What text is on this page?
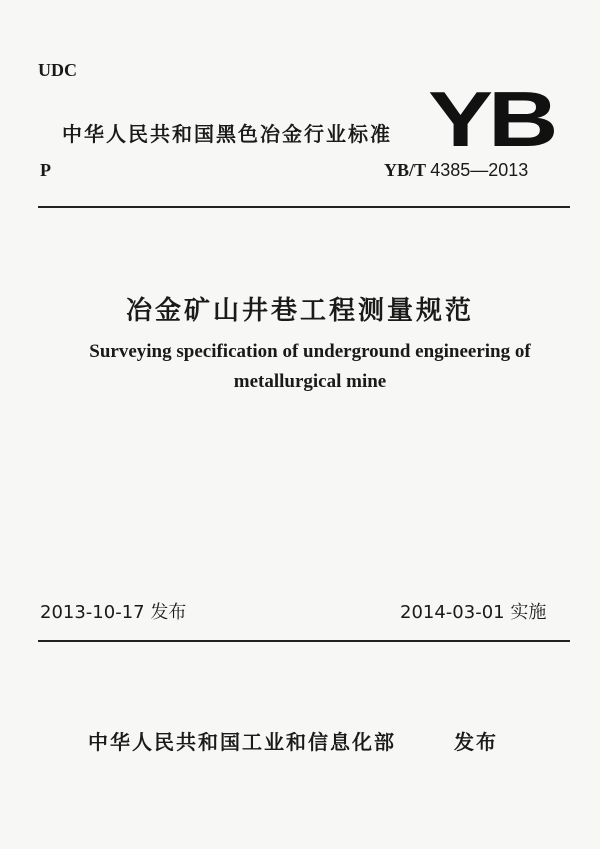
UDC
中华人民共和国黑色冶金行业标准 YB
P	YB/T 4385—2013
冶金矿山井巷工程测量规范
Surveying specification of underground engineering of
metallurgical mine
2013-10-17 发布	2014-03-01 实施
中华人民共和国工业和信息化部	发布
